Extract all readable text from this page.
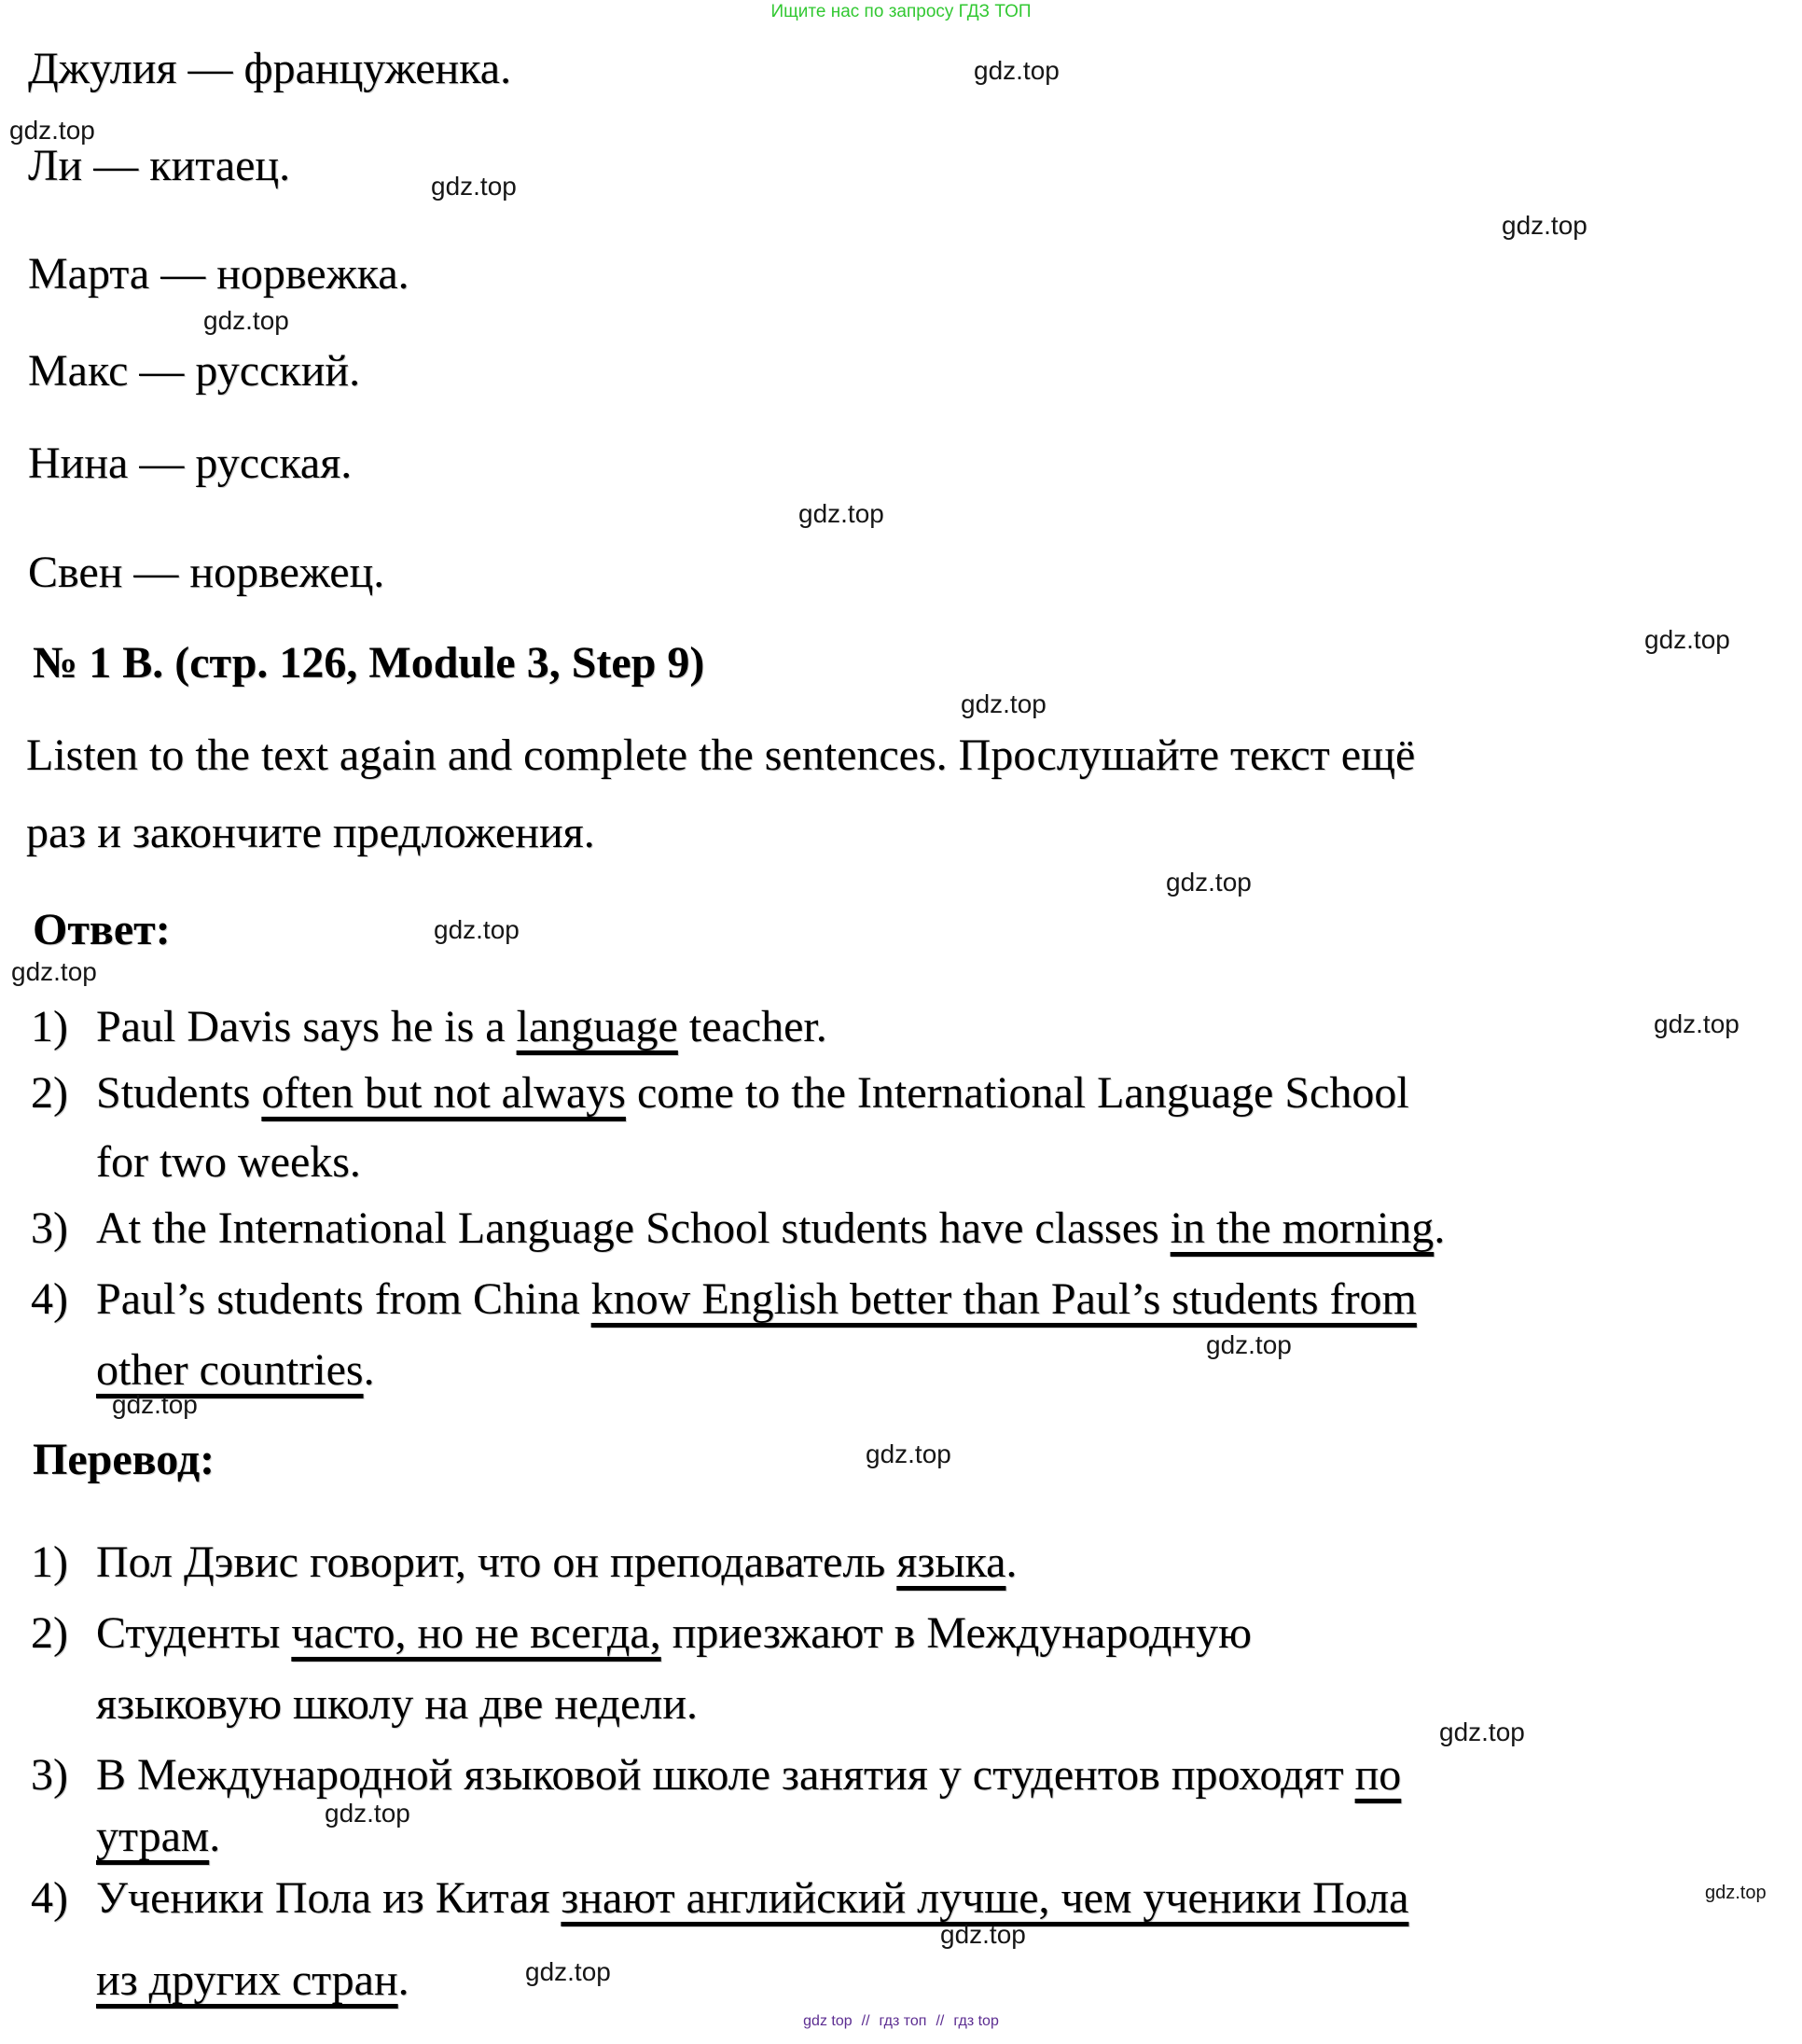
Ищите нас по запросу ГДЗ ТОП
Джулия — француженка.
Ли — китаец.
Марта — норвежка.
Макс — русский.
Нина — русская.
Свен — норвежец.
№ 1 B. (стр. 126, Module 3, Step 9)
Listen to the text again and complete the sentences. Прослушайте текст ещё
раз и закончите предложения.
Ответ:
1) Paul Davis says he is a language teacher.
2) Students often but not always come to the International Language School
for two weeks.
3) At the International Language School students have classes in the morning.
4) Paul’s students from China know English better than Paul’s students from
other countries.
Перевод:
1) Пол Дэвис говорит, что он преподаватель языка.
2) Студенты часто, но не всегда, приезжают в Международную
языковую школу на две недели.
3) В Международной языковой школе занятия у студентов проходят по
утрам.
4) Ученики Пола из Китая знают английский лучше, чем ученики Пола
из других стран.
gdz.top
gdz.top
gdz.top
gdz.top
gdz.top
gdz.top
gdz.top
gdz.top
gdz.top
gdz.top
gdz.top
gdz.top
gdz.top
gdz.top
gdz.top
gdz.top
gdz.top
gdz.top
gdz.top
gdz.top
gdz top // гдз топ // гдз top
